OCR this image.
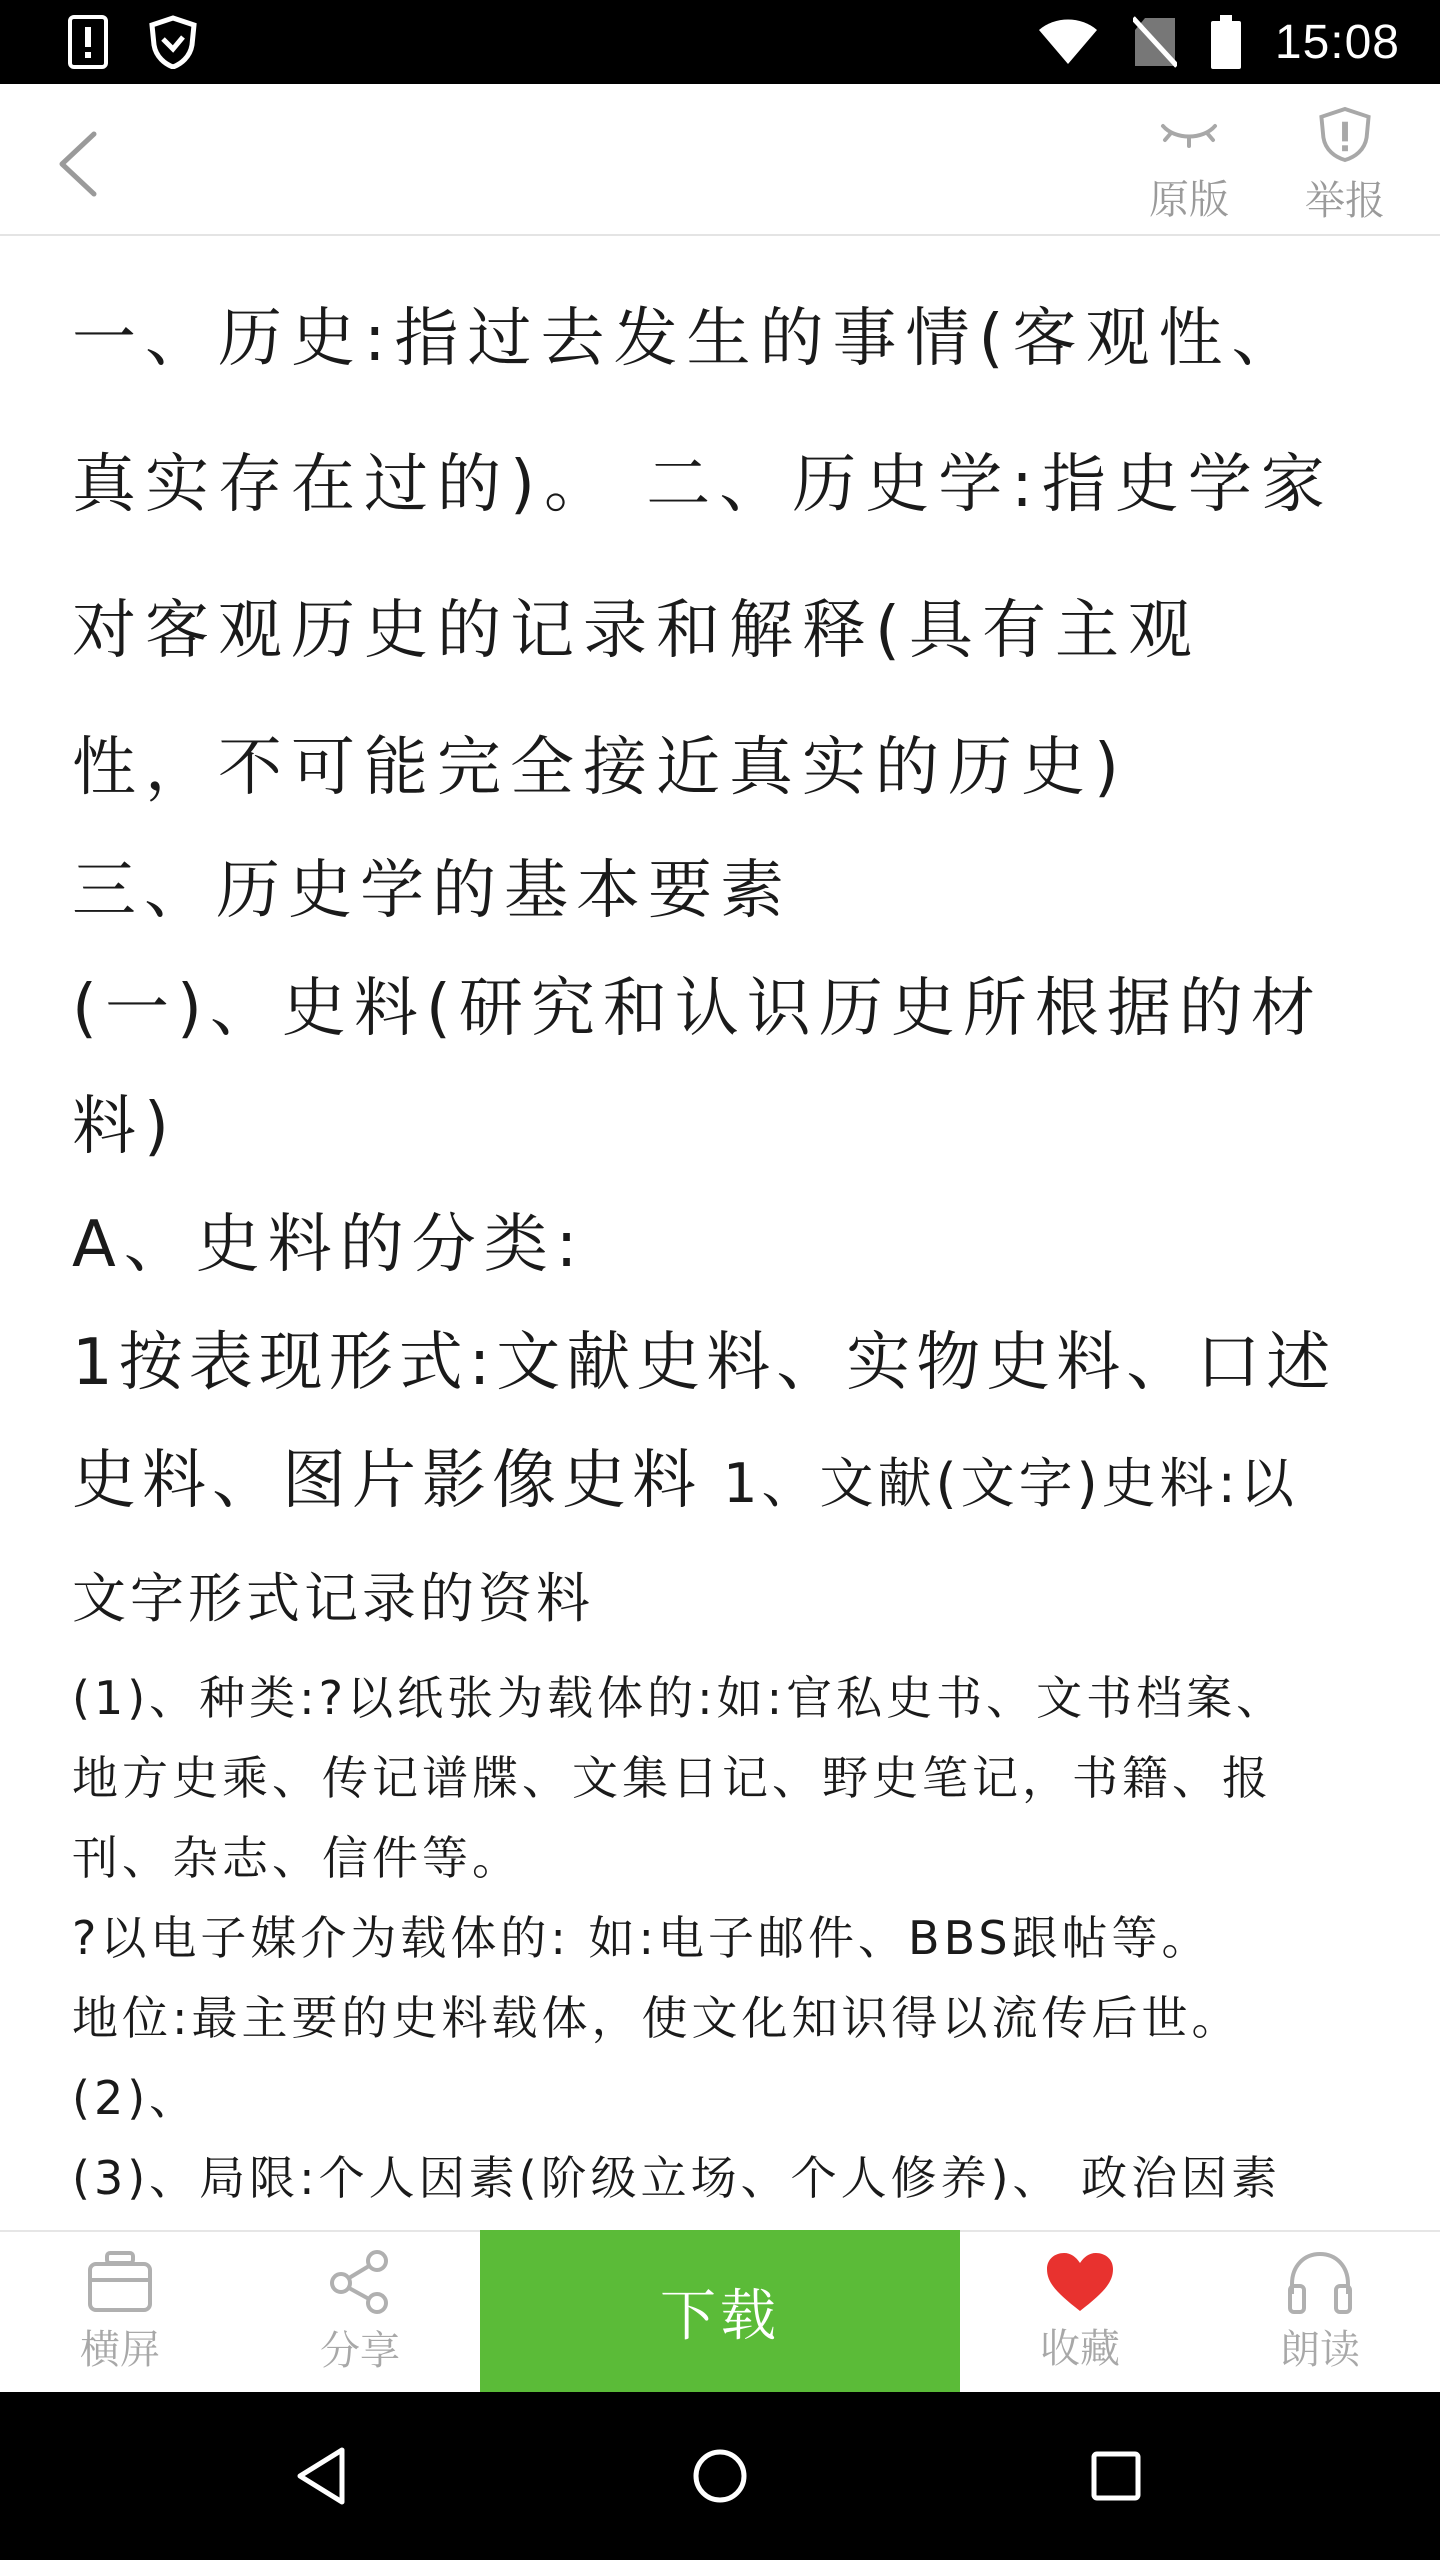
15:08
原版 举报

一、历史:指过去发生的事情(客观性、

真实存在过的)。 二、历史学:指史学家

对客观历史的记录和解释(具有主观

性，不可能完全接近真实的历史)

三、历史学的基本要素

(一)、史料(研究和认识历史所根据的材

料)

A、史料的分类:

1按表现形式:文献史料、实物史料、口述

史料、图片影像史料 1、文献(文字)史料:以

文字形式记录的资料

(1)、种类:?以纸张为载体的:如:官私史书、文书档案、

地方史乘、传记谱牒、文集日记、野史笔记，书籍、报

刊、杂志、信件等。

?以电子媒介为载体的: 如:电子邮件、BBS跟帖等。

地位:最主要的史料载体，使文化知识得以流传后世。

(2)、

(3)、局限:个人因素(阶级立场、个人修养)、 政治因素

横屏	分享
下载	收藏	朗读
